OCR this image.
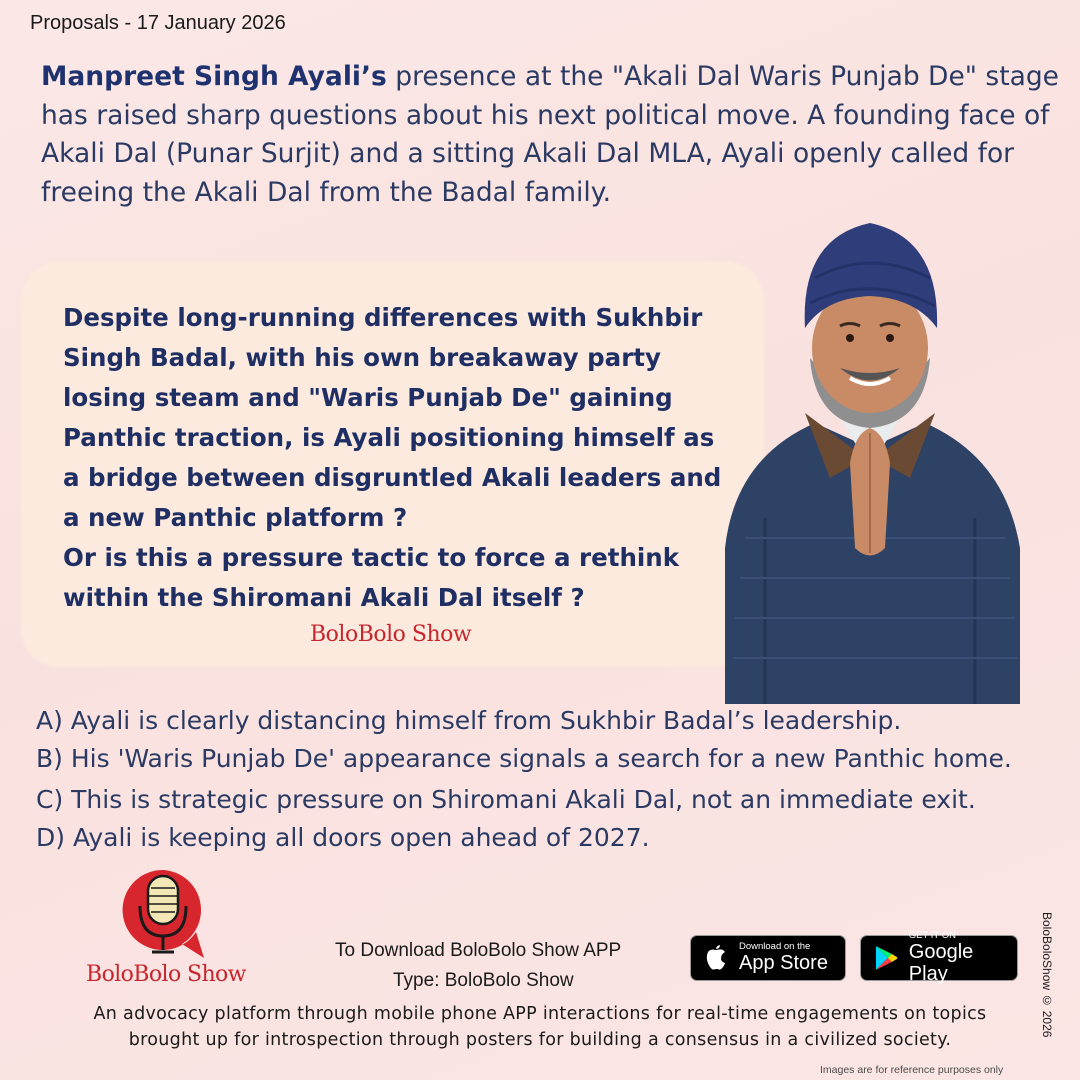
Proposals - 17 January 2026
Manpreet Singh Ayali’s presence at the "Akali Dal Waris Punjab De" stage has raised sharp questions about his next political move. A founding face of Akali Dal (Punar Surjit) and a sitting Akali Dal MLA, Ayali openly called for freeing the Akali Dal from the Badal family.
Despite long-running differences with Sukhbir
Singh Badal, with his own breakaway party
losing steam and "Waris Punjab De" gaining
Panthic traction, is Ayali positioning himself as
a bridge between disgruntled Akali leaders and
a new Panthic platform ?
Or is this a pressure tactic to force a rethink
within the Shiromani Akali Dal itself ?
BoloBolo Show
A) Ayali is clearly distancing himself from Sukhbir Badal’s leadership.
B) His 'Waris Punjab De' appearance signals a search for a new Panthic home.
C) This is strategic pressure on Shiromani Akali Dal, not an immediate exit.
D) Ayali is keeping all doors open ahead of 2027.
BoloBolo Show
To Download BoloBolo Show APP
Type: BoloBolo Show
Download on the
App Store
GET IT ON
Google Play
An advocacy platform through mobile phone APP interactions for real-time engagements on topics
brought up for introspection through posters for building a consensus in a civilized society.
BoloBoloShow © 2026
Images are for reference purposes only
